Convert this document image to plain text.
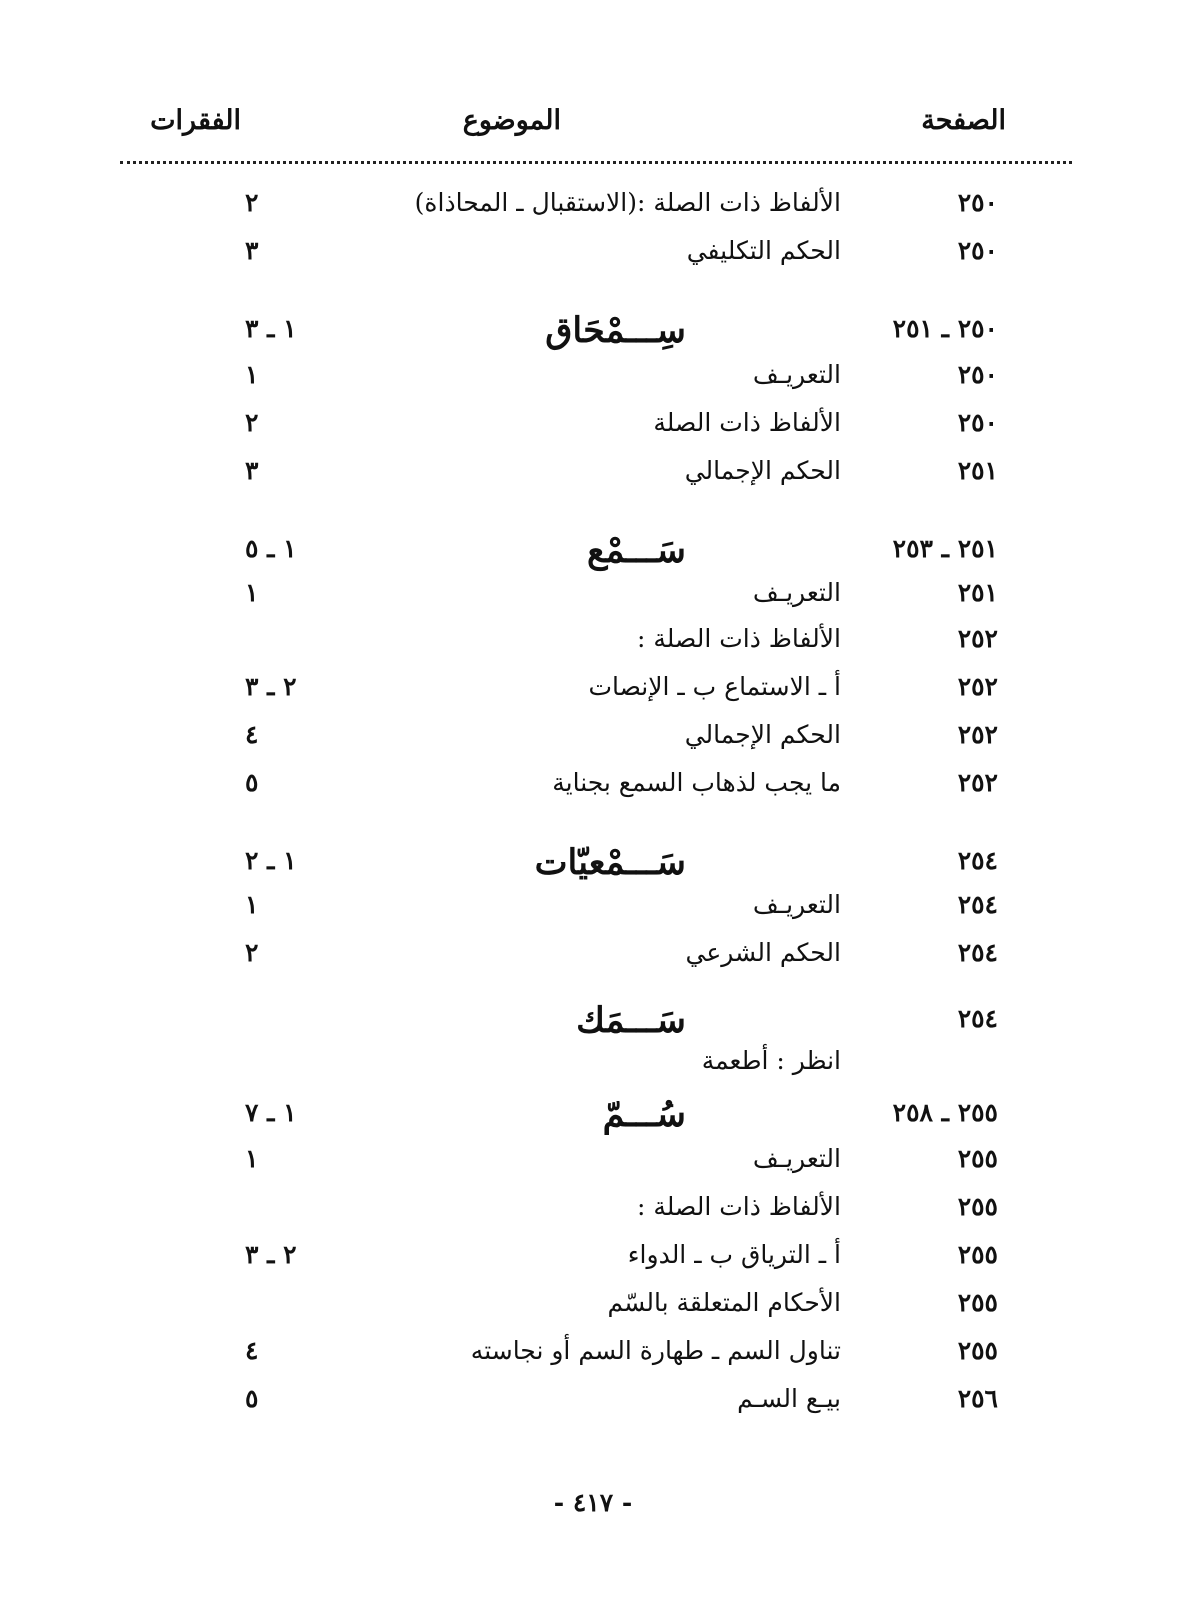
الصفحة
الموضوع
الفقرات
٢٥٠
الألفاظ ذات الصلة :(الاستقبال ـ المحاذاة)
٢
٢٥٠
الحكم التكليفي
٣
٢٥٠ ـ ٢٥١
سِـــمْحَاق
١ ـ ٣
٢٥٠
التعريـف
١
٢٥٠
الألفاظ ذات الصلة
٢
٢٥١
الحكم الإجمالي
٣
٢٥١ ـ ٢٥٣
سَـــمْع
١ ـ ٥
٢٥١
التعريـف
١
٢٥٢
الألفاظ ذات الصلة :
٢٥٢
أ ـ الاستماع ب ـ الإنصات
٢ ـ ٣
٢٥٢
الحكم الإجمالي
٤
٢٥٢
ما يجب لذهاب السمع بجناية
٥
٢٥٤
سَـــمْعيّات
١ ـ ٢
٢٥٤
التعريـف
١
٢٥٤
الحكم الشرعي
٢
٢٥٤
سَـــمَك
انظر : أطعمة
٢٥٥ ـ ٢٥٨
سُـــمّ
١ ـ ٧
٢٥٥
التعريـف
١
٢٥٥
الألفاظ ذات الصلة :
٢٥٥
أ ـ الترياق ب ـ الدواء
٢ ـ ٣
٢٥٥
الأحكام المتعلقة بالسّم
٢٥٥
تناول السم ـ طهارة السم أو نجاسته
٤
٢٥٦
بيـع السـم
٥
- ٤١٧ -
